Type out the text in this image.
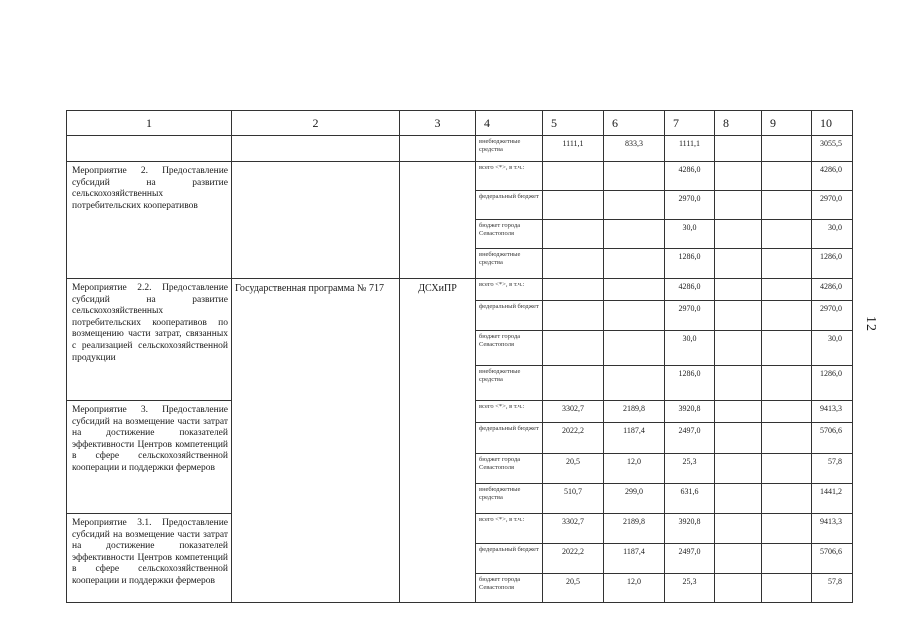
12
1	2	3	4	5	6	7	8	9	10
			внебюджетные средства	1111,1	833,3	1111,1			3055,5
Мероприятие 2. Предоставление субсидий на развитие сельскохозяйственных потребительских кооперативов			всего <*>, в т.ч.:			4286,0			4286,0
			федеральный бюджет			2970,0			2970,0
			бюджет города Севастополя			30,0			30,0
			внебюджетные средства			1286,0			1286,0
Мероприятие 2.2. Предоставление субсидий на развитие сельскохозяйственных потребительских кооперативов по возмещению части затрат, связанных с реализацией сельскохозяйственной продукции	Государственная программа № 717	ДСХиПР	всего <*>, в т.ч.:			4286,0			4286,0
			федеральный бюджет			2970,0			2970,0
			бюджет города Севастополя			30,0			30,0
			внебюджетные средства			1286,0			1286,0
Мероприятие 3. Предоставление субсидий на возмещение части затрат на достижение показателей эффективности Центров компетенций в сфере сельскохозяйственной кооперации и поддержки фермеров			всего <*>, в т.ч.:	3302,7	2189,8	3920,8			9413,3
			федеральный бюджет	2022,2	1187,4	2497,0			5706,6
			бюджет города Севастополя	20,5	12,0	25,3			57,8
			внебюджетные средства	510,7	299,0	631,6			1441,2
Мероприятие 3.1. Предоставление субсидий на возмещение части затрат на достижение показателей эффективности Центров компетенций в сфере сельскохозяйственной кооперации и поддержки фермеров			всего <*>, в т.ч.:	3302,7	2189,8	3920,8			9413,3
			федеральный бюджет	2022,2	1187,4	2497,0			5706,6
			бюджет города Севастополя	20,5	12,0	25,3			57,8
